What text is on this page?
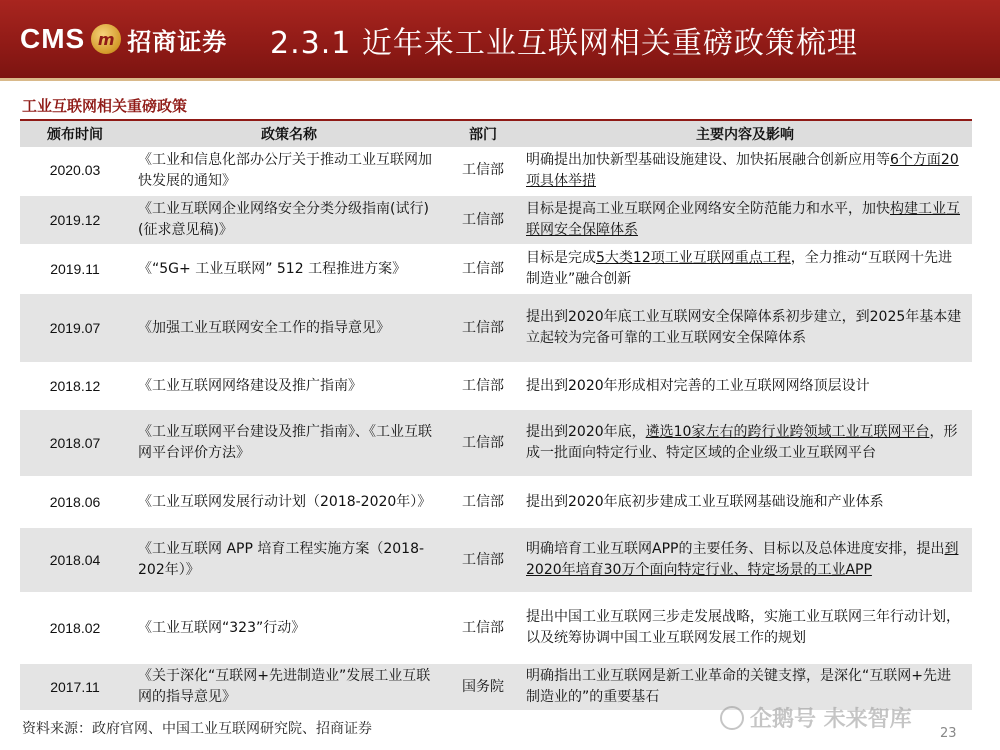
CMS m 招商证券 2.3.1 近年来工业互联网相关重磅政策梳理
工业互联网相关重磅政策
颁布时间	政策名称	部门	主要内容及影响
2020.03	《工业和信息化部办公厅关于推动工业互联网加快发展的通知》	工信部	明确提出加快新型基础设施建设、加快拓展融合创新应用等6个方面20项具体举措
2019.12	《工业互联网企业网络安全分类分级指南(试行)(征求意见稿)》	工信部	目标是提高工业互联网企业网络安全防范能力和水平，加快构建工业互联网安全保障体系
2019.11	《“5G+ 工业互联网” 512 工程推进方案》	工信部	目标是完成5大类12项工业互联网重点工程，全力推动“互联网十先进制造业”融合创新
2019.07	《加强工业互联网安全工作的指导意见》	工信部	提出到2020年底工业互联网安全保障体系初步建立，到2025年基本建立起较为完备可靠的工业互联网安全保障体系
2018.12	《工业互联网网络建设及推广指南》	工信部	提出到2020年形成相对完善的工业互联网网络顶层设计
2018.07	《工业互联网平台建设及推广指南》、《工业互联网平台评价方法》	工信部	提出到2020年底，遴选10家左右的跨行业跨领域工业互联网平台，形成一批面向特定行业、特定区域的企业级工业互联网平台
2018.06	《工业互联网发展行动计划（2018-2020年）》	工信部	提出到2020年底初步建成工业互联网基础设施和产业体系
2018.04	《工业互联网 APP 培育工程实施方案（2018-202年）》	工信部	明确培育工业互联网APP的主要任务、目标以及总体进度安排，提出到2020年培育30万个面向特定行业、特定场景的工业APP
2018.02	《工业互联网“323”行动》	工信部	提出中国工业互联网三步走发展战略，实施工业互联网三年行动计划，以及统筹协调中国工业互联网发展工作的规划
2017.11	《关于深化“互联网+先进制造业”发展工业互联网的指导意见》	国务院	明确指出工业互联网是新工业革命的关键支撑，是深化“互联网+先进制造业的”的重要基石
资料来源：政府官网、中国工业互联网研究院、招商证券	企鹅号 未来智库
23
